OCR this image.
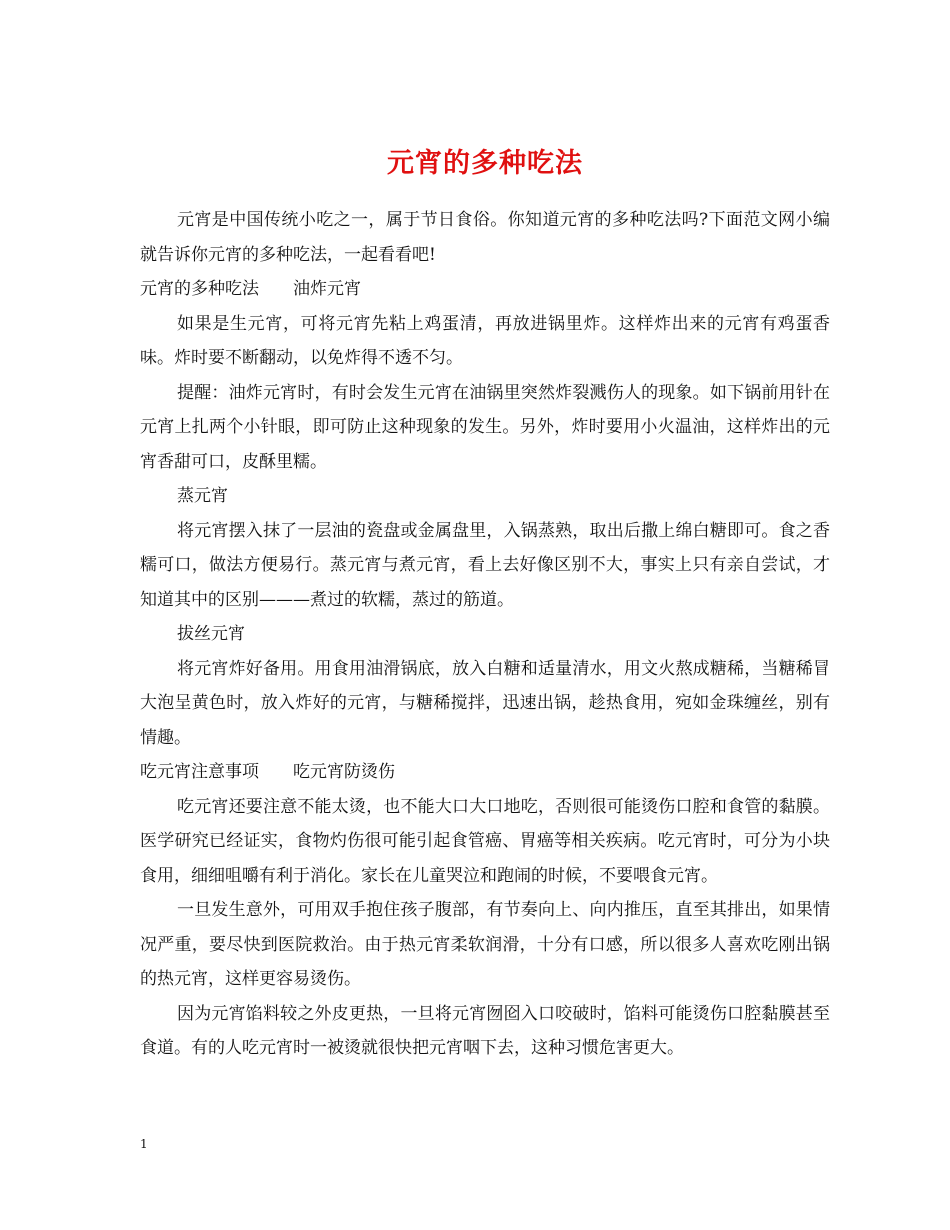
元宵的多种吃法

元宵是中国传统小吃之一，属于节日食俗。你知道元宵的多种吃法吗?下面范文网小编就告诉你元宵的多种吃法，一起看看吧!

元宵的多种吃法　　油炸元宵

如果是生元宵，可将元宵先粘上鸡蛋清，再放进锅里炸。这样炸出来的元宵有鸡蛋香味。炸时要不断翻动，以免炸得不透不匀。

提醒：油炸元宵时，有时会发生元宵在油锅里突然炸裂溅伤人的现象。如下锅前用针在元宵上扎两个小针眼，即可防止这种现象的发生。另外，炸时要用小火温油，这样炸出的元宵香甜可口，皮酥里糯。

蒸元宵

将元宵摆入抹了一层油的瓷盘或金属盘里，入锅蒸熟，取出后撒上绵白糖即可。食之香糯可口，做法方便易行。蒸元宵与煮元宵，看上去好像区别不大，事实上只有亲自尝试，才知道其中的区别———煮过的软糯，蒸过的筋道。

拔丝元宵

将元宵炸好备用。用食用油滑锅底，放入白糖和适量清水，用文火熬成糖稀，当糖稀冒大泡呈黄色时，放入炸好的元宵，与糖稀搅拌，迅速出锅，趁热食用，宛如金珠缠丝，别有情趣。

吃元宵注意事项　　吃元宵防烫伤

吃元宵还要注意不能太烫，也不能大口大口地吃，否则很可能烫伤口腔和食管的黏膜。医学研究已经证实，食物灼伤很可能引起食管癌、胃癌等相关疾病。吃元宵时，可分为小块食用，细细咀嚼有利于消化。家长在儿童哭泣和跑闹的时候，不要喂食元宵。

一旦发生意外，可用双手抱住孩子腹部，有节奏向上、向内推压，直至其排出，如果情况严重，要尽快到医院救治。由于热元宵柔软润滑，十分有口感，所以很多人喜欢吃刚出锅的热元宵，这样更容易烫伤。

因为元宵馅料较之外皮更热，一旦将元宵囫囵入口咬破时，馅料可能烫伤口腔黏膜甚至食道。有的人吃元宵时一被烫就很快把元宵咽下去，这种习惯危害更大。

1
